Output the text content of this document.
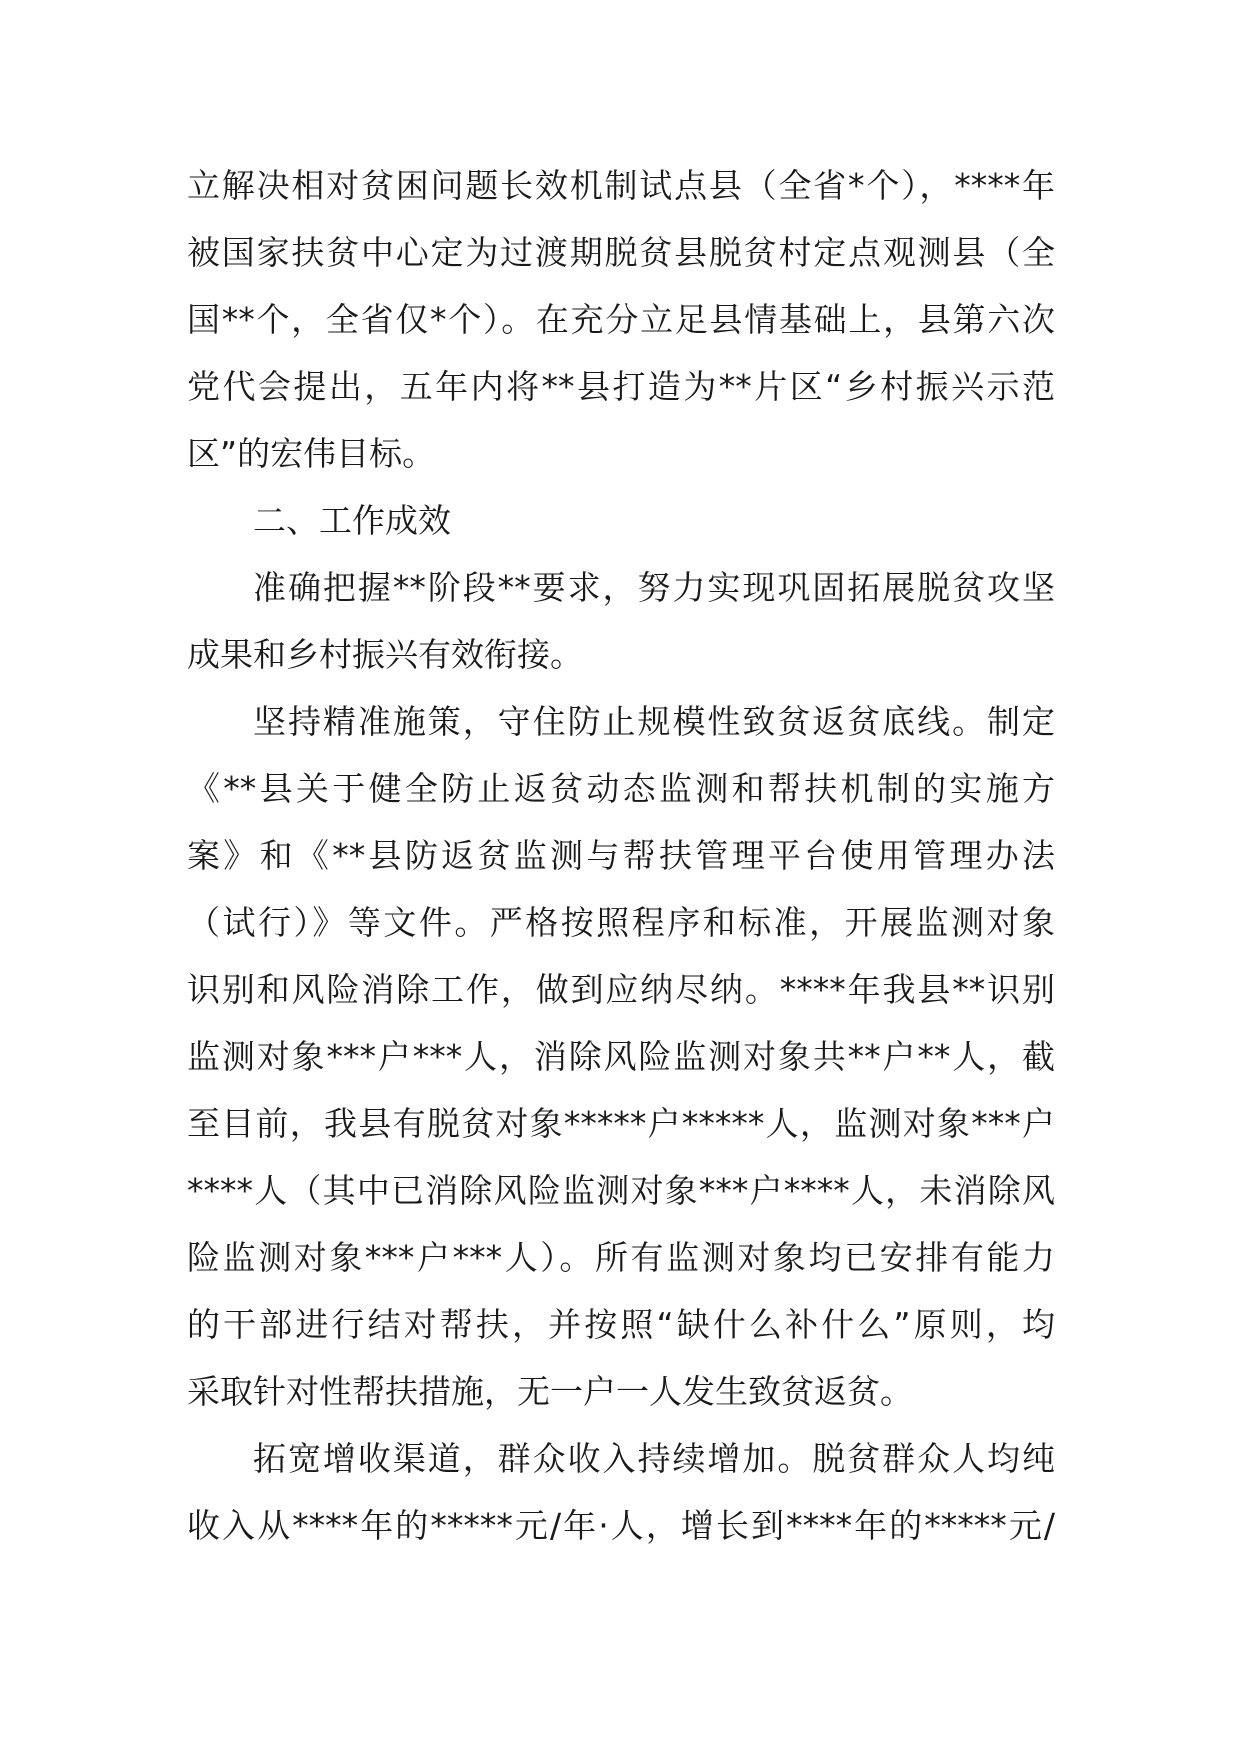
立解决相对贫困问题长效机制试点县（全省*个），****年
被国家扶贫中心定为过渡期脱贫县脱贫村定点观测县（全
国**个，全省仅*个）。在充分立足县情基础上，县第六次
党代会提出，五年内将**县打造为**片区“乡村振兴示范
区”的宏伟目标。
二、工作成效
准确把握**阶段**要求，努力实现巩固拓展脱贫攻坚
成果和乡村振兴有效衔接。
坚持精准施策，守住防止规模性致贫返贫底线。制定
《**县关于健全防止返贫动态监测和帮扶机制的实施方
案》和《**县防返贫监测与帮扶管理平台使用管理办法
（试行）》等文件。严格按照程序和标准，开展监测对象
识别和风险消除工作，做到应纳尽纳。****年我县**识别
监测对象***户***人，消除风险监测对象共**户**人，截
至目前，我县有脱贫对象*****户*****人，监测对象***户
****人（其中已消除风险监测对象***户****人，未消除风
险监测对象***户***人）。所有监测对象均已安排有能力
的干部进行结对帮扶，并按照“缺什么补什么”原则，均
采取针对性帮扶措施，无一户一人发生致贫返贫。
拓宽增收渠道，群众收入持续增加。脱贫群众人均纯
收入从****年的*****元/年·人，增长到****年的*****元/
